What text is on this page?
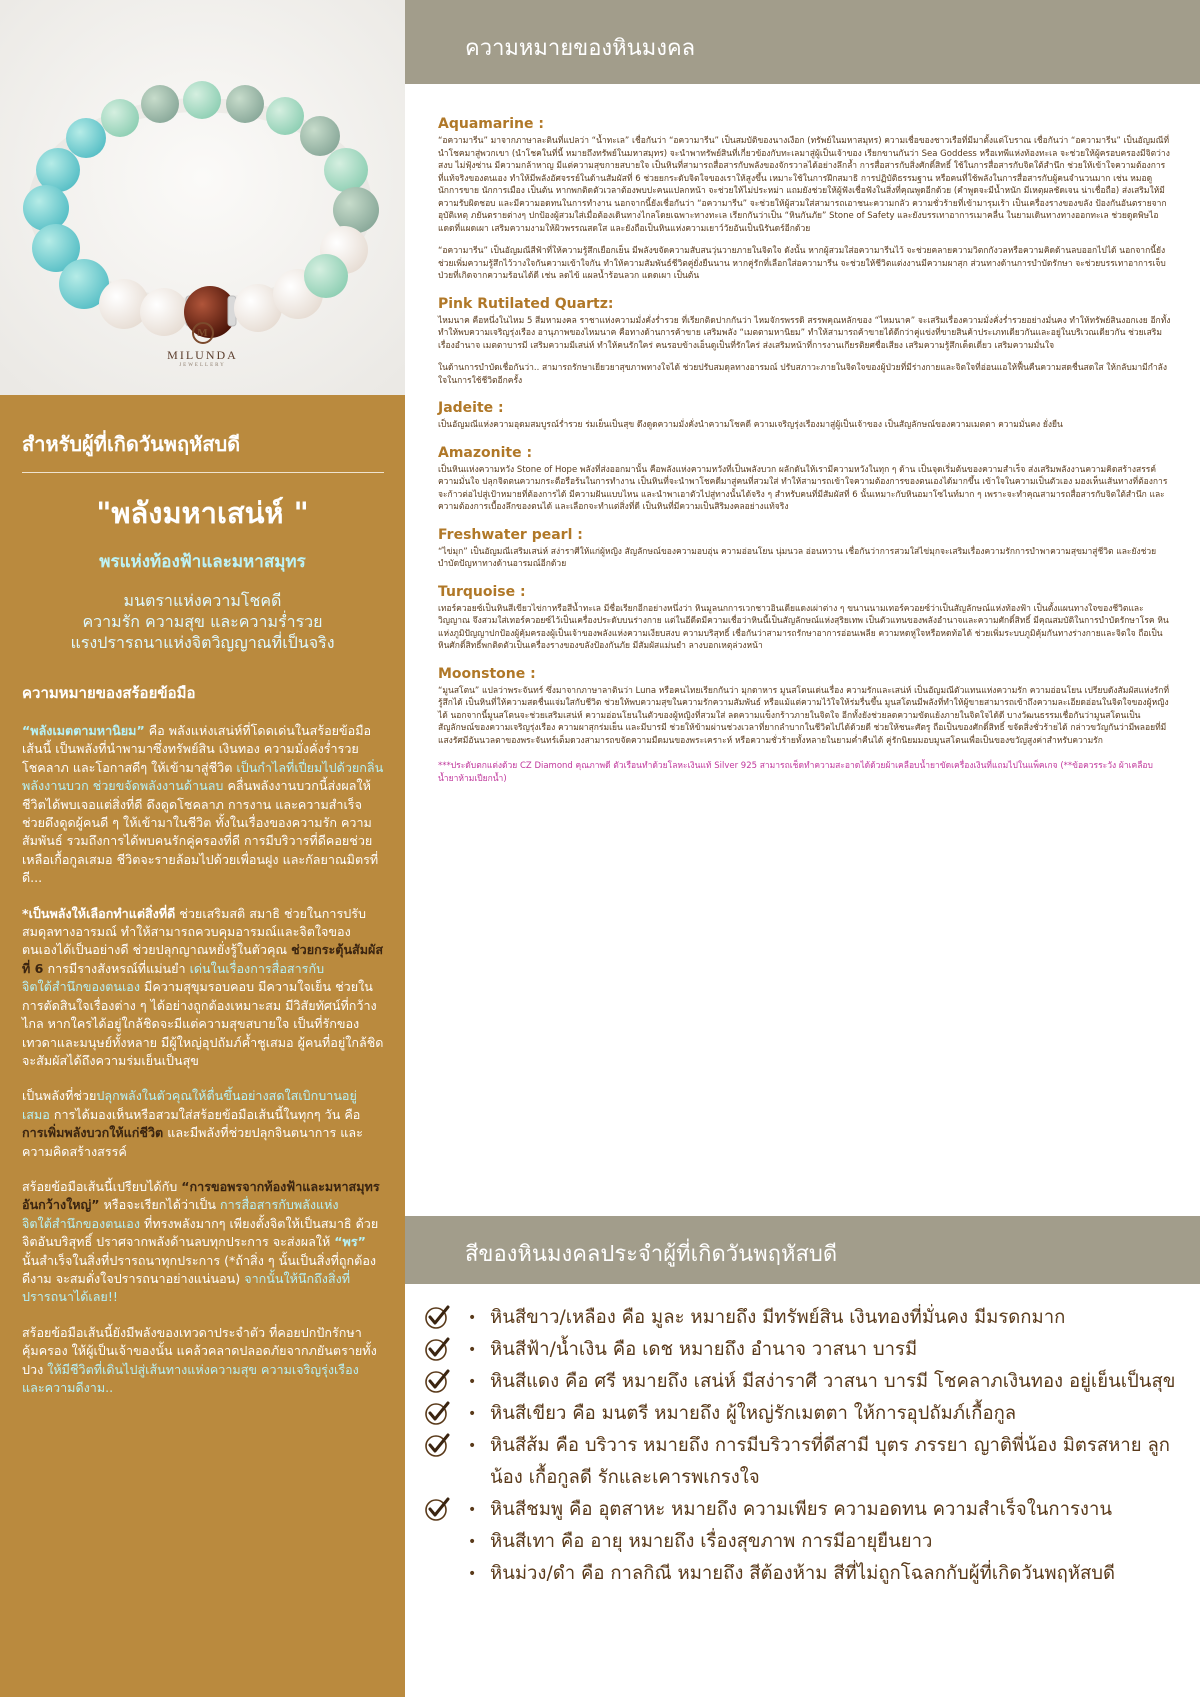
M
MILUNDA
JEWELLERY
สำหรับผู้ที่เกิดวันพฤหัสบดี
"พลังมหาเสน่ห์ "
พรแห่งท้องฟ้าและมหาสมุทร
มนตราแห่งความโชคดี
ความรัก ความสุข และความร่ำรวย
แรงปรารถนาแห่งจิตวิญญาณที่เป็นจริง
ความหมายของสร้อยข้อมือ

“พลังเมตตามหานิยม” คือ พลังแห่งเสน่ห์ที่โดดเด่นในสร้อยข้อมือเส้นนี้ เป็นพลังที่นำพามาซึ่งทรัพย์สิน เงินทอง ความมั่งคั่งร่ำรวย โชคลาภ และโอกาสดีๆ ให้เข้ามาสู่ชีวิต เป็นกำไลที่เปี่ยมไปด้วยกลิ่นพลังงานบวก ช่วยขจัดพลังงานด้านลบ คลื่นพลังงานบวกนี้ส่งผลให้ชีวิตได้พบเจอแต่สิ่งที่ดี ดึงดูดโชคลาภ การงาน และความสำเร็จ ช่วยดึงดูดผู้คนดี ๆ ให้เข้ามาในชีวิต ทั้งในเรื่องของความรัก ความสัมพันธ์ รวมถึงการได้พบคนรักคู่ครองที่ดี การมีบริวารที่ดีคอยช่วยเหลือเกื้อกูลเสมอ ชีวิตจะรายล้อมไปด้วยเพื่อนฝูง และกัลยาณมิตรที่ดี...

*เป็นพลังให้เลือกทำแต่สิ่งที่ดี ช่วยเสริมสติ สมาธิ ช่วยในการปรับสมดุลทางอารมณ์ ทำให้สามารถควบคุมอารมณ์และจิตใจของตนเองได้เป็นอย่างดี ช่วยปลุกญาณหยั่งรู้ในตัวคุณ ช่วยกระตุ้นสัมผัสที่ 6 การมีรางสังหรณ์ที่แม่นยำ เด่นในเรื่องการสื่อสารกับจิตใต้สำนึกของตนเอง มีความสุขุมรอบคอบ มีความใจเย็น ช่วยในการตัดสินใจเรื่องต่าง ๆ ได้อย่างถูกต้องเหมาะสม มีวิสัยทัศน์ที่กว้างไกล หากใครได้อยู่ใกล้ชิดจะมีแต่ความสุขสบายใจ เป็นที่รักของเทวดาและมนุษย์ทั้งหลาย มีผู้ใหญ่อุปถัมภ์ค้ำชูเสมอ ผู้คนที่อยู่ใกล้ชิดจะสัมผัสได้ถึงความร่มเย็นเป็นสุข

เป็นพลังที่ช่วยปลุกพลังในตัวคุณให้ตื่นขึ้นอย่างสดใสเบิกบานอยู่เสมอ การได้มองเห็นหรือสวมใส่สร้อยข้อมือเส้นนี้ในทุกๆ วัน คือ การเพิ่มพลังบวกให้แก่ชีวิต และมีพลังที่ช่วยปลุกจินตนาการ และความคิดสร้างสรรค์

สร้อยข้อมือเส้นนี้เปรียบได้กับ “การขอพรจากท้องฟ้าและมหาสมุทรอันกว้างใหญ่” หรือจะเรียกได้ว่าเป็น การสื่อสารกับพลังแห่งจิตใต้สำนึกของตนเอง ที่ทรงพลังมากๆ เพียงตั้งจิตให้เป็นสมาธิ ด้วยจิตอันบริสุทธิ์ ปราศจากพลังด้านลบทุกประการ จะส่งผลให้ “พร” นั้นสำเร็จในสิ่งที่ปรารถนาทุกประการ (*ถ้าสิ่ง ๆ นั้นเป็นสิ่งที่ถูกต้องดีงาม จะสมดั่งใจปรารถนาอย่างแน่นอน) จากนั้นให้นึกถึงสิ่งที่ปรารถนาได้เลย!!

สร้อยข้อมือเส้นนี้ยังมีพลังของเทวดาประจำตัว ที่คอยปกปักรักษาคุ้มครอง ให้ผู้เป็นเจ้าของนั้น แคล้วคลาดปลอดภัยจากภยันตรายทั้งปวง ให้มีชีวิตที่เดินไปสู่เส้นทางแห่งความสุข ความเจริญรุ่งเรือง และความดีงาม..

ความหมายของหินมงคล
Aquamarine :

“อความารีน” มาจากภาษาละตินที่แปลว่า “น้ำทะเล” เชื่อกันว่า “อความารีน” เป็นสมบัติของนางเงือก (ทรัพย์ในมหาสมุทร) ความเชื่อของชาวเรือที่มีมาตั้งแต่โบราณ เชื่อกันว่า “อความารีน” เป็นอัญมณีที่นำโชคมาสู่พวกเขา (นำโชคในที่นี้ หมายถึงทรัพย์ในมหาสมุทร) จะนำพาทรัพย์สินที่เกี่ยวข้องกับทะเลมาสู่ผู้เป็นเจ้าของ เรียกขานกันว่า Sea Goddess หรือเทพีแห่งท้องทะเล จะช่วยให้ผู้ครอบครองมีจิตว่างสงบ ไม่ฟุ้งซ่าน มีความกล้าหาญ มีแต่ความสุขกายสบายใจ เป็นหินที่สามารถสื่อสารกับพลังของจักรวาลได้อย่างลึกล้ำ การสื่อสารกับสิ่งศักดิ์สิทธิ์ ใช้ในการสื่อสารกับจิตใต้สำนึก ช่วยให้เข้าใจความต้องการที่แท้จริงของตนเอง ทำให้มีพลังอัศจรรย์ในด้านสัมผัสที่ 6 ช่วยยกระดับจิตใจของเราให้สูงขึ้น เหมาะใช้ในการฝึกสมาธิ การปฏิบัติธรรมฐาน หรือคนที่ใช้พลังในการสื่อสารกับผู้คนจำนวนมาก เช่น หมอดู นักการขาย นักการเมือง เป็นต้น หากพกติดตัวเวลาต้องพบปะคนแปลกหน้า จะช่วยให้ไม่ประหม่า แถมยังช่วยให้ผู้ฟังเชื่อฟังในสิ่งที่คุณพูดอีกด้วย (คำพูดจะมีน้ำหนัก มีเหตุผลชัดเจน น่าเชื่อถือ) ส่งเสริมให้มีความรับผิดชอบ และมีความอดทนในการทำงาน นอกจากนี้ยังเชื่อกันว่า “อความารีน” จะช่วยให้ผู้สวมใส่สามารถเอาชนะความกลัว ความชั่วร้ายที่เข้ามารุมเร้า เป็นเครื่องรางของขลัง ป้องกันอันตรายจากอุบัติเหตุ ภยันตรายต่างๆ ปกป้องผู้สวมใส่เมื่อต้องเดินทางไกลโดยเฉพาะทางทะเล เรียกกันว่าเป็น “หินกันภัย” Stone of Safety และยังบรรเทาอาการเมาคลื่น ในยามเดินทางทางออกทะเล ช่วยดูดพิษไอแดดที่แผดเผา เสริมความงามให้ผิวพรรณสดใส และยังถือเป็นหินแห่งความเยาว์วัยอันเป็นนิรันดร์อีกด้วย

“อความารีน” เป็นอัญมณีสีฟ้าที่ให้ความรู้สึกเยือกเย็น มีพลังขจัดความสับสนวุ่นวายภายในจิตใจ ดังนั้น หากผู้สวมใส่อความารีนไว้ จะช่วยคลายความวิตกกังวลหรือความคิดด้านลบออกไปได้ นอกจากนี้ยังช่วยเพิ่มความรู้สึกไว้วางใจกันความเข้าใจกัน ทำให้ความสัมพันธ์ชีวิตคู่ยั่งยืนนาน หากคู่รักที่เลือกใส่อความารีน จะช่วยให้ชีวิตแต่งงานมีความผาสุก ส่วนทางด้านการบำบัดรักษา จะช่วยบรรเทาอาการเจ็บป่วยที่เกิดจากความร้อนได้ดี เช่น ลดไข้ แผลน้ำร้อนลวก แดดเผา เป็นต้น

Pink Rutilated Quartz:

ไหมนาค คือหนึ่งในไหม 5 สีมหามงคล ราชาแห่งความมั่งคั่งร่ำรวย ที่เรียกติดปากกันว่า ไหมจักรพรรดิ สรรพคุณหลักของ “ไหมนาค” จะเสริมเรื่องความมั่งคั่งร่ำรวยอย่างมั่นคง ทำให้ทรัพย์สินงอกเงย อีกทั้งทำให้พบความเจริญรุ่งเรือง อานุภาพของไหมนาค คือทางด้านการค้าขาย เสริมพลัง “เมตตามหานิยม” ทำให้สามารถค้าขายได้ดีกว่าคู่แข่งที่ขายสินค้าประเภทเดียวกันและอยู่ในบริเวณเดียวกัน ช่วยเสริมเรื่องอำนาจ เมตตาบารมี เสริมความมีเสน่ห์ ทำให้คนรักใคร่ คนรอบข้างเอ็นดูเป็นที่รักใคร่ ส่งเสริมหน้าที่การงานเกียรติยศชื่อเสียง เสริมความรู้สึกเด็ดเดี่ยว เสริมความมั่นใจ

ในด้านการบำบัดเชื่อกันว่า.. สามารถรักษาเยียวยาสุขภาพทางใจได้ ช่วยปรับสมดุลทางอารมณ์ ปรับสภาวะภายในจิตใจของผู้ป่วยที่มีร่างกายและจิตใจที่อ่อนแอให้ฟื้นคืนความสดชื่นสดใส ให้กลับมามีกำลังใจในการใช้ชีวิตอีกครั้ง

Jadeite :

เป็นอัญมณีแห่งความอุดมสมบูรณ์ร่ำรวย ร่มเย็นเป็นสุข ดึงดูดความมั่งคั่งนำความโชคดี ความเจริญรุ่งเรืองมาสู่ผู้เป็นเจ้าของ เป็นสัญลักษณ์ของความเมตตา ความมั่นคง ยั่งยืน

Amazonite :

เป็นหินแห่งความหวัง Stone of Hope พลังที่ส่งออกมานั้น คือพลังแห่งความหวังที่เป็นพลังบวก ผลักดันให้เรามีความหวังในทุก ๆ ด้าน เป็นจุดเริ่มต้นของความสำเร็จ ส่งเสริมพลังงานความคิดสร้างสรรค์ ความมั่นใจ ปลุกจิตตนความกระตือรือร้นในการทำงาน เป็นหินที่จะนำพาโชคดีมาสู่คนที่สวมใส่ ทำให้สามารถเข้าใจความต้องการของตนเองได้มากขึ้น เข้าใจในความเป็นตัวเอง มองเห็นเส้นทางที่ต้องการจะก้าวต่อไปสู่เป้าหมายที่ต้องการได้ มีความฝันแบบไหน และนำพาเอาตัวไปสู่ทางนั้นได้จริง ๆ สำหรับคนที่มีสัมผัสที่ 6 นั้นเหมาะกับหินอมาโซไนท์มาก ๆ เพราะจะทำคุณสามารถสื่อสารกับจิตใต้สำนึก และความต้องการเบื้องลึกของตนได้ และเลือกจะทำแต่สิ่งที่ดี เป็นหินที่มีความเป็นสิริมงคลอย่างแท้จริง

Freshwater pearl :

“ไข่มุก” เป็นอัญมณีเสริมเสน่ห์ สง่าราศีให้แก่ผู้หญิง สัญลักษณ์ของความอบอุ่น ความอ่อนโยน นุ่มนวล อ่อนหวาน เชื่อกันว่าการสวมใส่ไข่มุกจะเสริมเรื่องความรักการบำพาความสุขมาสู่ชีวิต และยังช่วยบำบัดปัญหาทางด้านอารมณ์อีกด้วย

Turquoise :

เทอร์ควอยซ์เป็นหินสีเขียวไข่กาหรือสีน้ำทะเล มีชื่อเรียกอีกอย่างหนึ่งว่า หินมูลนกการเวกชาวอินเดียแดงเผ่าต่าง ๆ ขนานนามเทอร์ควอยซ์ว่าเป็นสัญลักษณ์แห่งท้องฟ้า เป็นตั้งแผนทางใจของชีวิตและวิญญาณ จึงสวมใส่เทอร์ควอยซ์ไว้เป็นเครื่องประดับบนร่างกาย แต่ในอีดีตมีความเชื่อว่าหินนี้เป็นสัญลักษณ์แห่งสุริยเทพ เป็นตัวแทนของพลังอำนาจและความศักดิ์สิทธิ์ มีคุณสมบัติในการบำบัดรักษาโรค หินแห่งภูมิปัญญาปกป้องผู้คุ้มครองผู้เป็นเจ้าของพลังแห่งความเงียบสงบ ความบริสุทธิ์ เชื่อกันว่าสามารถรักษาอาการอ่อนเพลีย ความหดหู่ใจหรือหดท้อได้ ช่วยเพิ่มระบบภูมิคุ้มกันทางร่างกายและจิตใจ ถือเป็นหินศักดิ์สิทธิ์พกติดตัวเป็นเครื่องรางของขลังป้องกันภัย มีสัมผัสแม่นยำ ลางบอกเหตุล่วงหน้า

Moonstone :

“มูนสโตน” แปลว่าพระจันทร์ ซึ่งมาจากภาษาลาตินว่า Luna หรือคนไทยเรียกกันว่า มุกดาหาร มูนสโตนเด่นเรื่อง ความรักและเสน่ห์ เป็นอัญมณีตัวแทนแห่งความรัก ความอ่อนโยน เปรียบดังสัมผัสแห่งรักที่รู้สึกได้ เป็นหินที่ให้ความสดชื่นแจ่มใสกับชีวิต ช่วยให้พบความสุขในความรักความสัมพันธ์ หรือแม้แต่ความไว้ใจให้ร่มรื่นขึ้น มูนสโตนมีพลังที่ทำให้ผู้ขายสามารถเข้าถึงความละเอียดอ่อนในจิตใจของผู้หญิงได้ นอกจากนี้มูนสโตนจะช่วยเสริมเสน่ห์ ความอ่อนโยนในตัวของผู้หญิงที่สวมใส่ ลดความแข็งกร้าวภายในจิตใจ อีกทั้งยังช่วยลดความขัดแย้งภายในจิตใจได้ดี บางวัฒนธรรมเชื่อกันว่ามูนสโตนเป็นสัญลักษณ์ของความเจริญรุ่งเรือง ความผาสุกร่มเย็น และมีบารมี ช่วยให้ข้ามผ่านช่วงเวลาที่ยากลำบากในชีวิตไปได้ด้วยดี ช่วยให้ชนะศัตรู ถือเป็นของศักดิ์สิทธิ์ ขจัดสิ่งชั่วร้ายได้ กล่าวขวัญกันว่ามีพลอยที่มีแสงรัศมีอันนวลตาของพระจันทร์เต็มดวงสามารถขจัดความมืดมนของพระเคราะห์ หรือความชั่วร้ายทั้งหลายในยามค่ำคืนได้ คู่รักนิยมมอบมูนสโตนเพื่อเป็นของขวัญสูงค่าสำหรับความรัก

***ประดับตกแต่งด้วย CZ Diamond คุณภาพดี ตัวเรือนทำด้วยโลหะเงินแท้ Silver 925 สามารถเช็ดทำความสะอาดได้ด้วยผ้าเคลือบน้ำยาขัดเครื่องเงินที่แถมไปในแพ็คเกจ (**ข้อควรระวัง ผ้าเคลือบน้ำยาห้ามเปียกน้ำ)
สีของหินมงคลประจำผู้ที่เกิดวันพฤหัสบดี
• หินสีขาว/เหลือง คือ มูละ หมายถึง มีทรัพย์สิน เงินทองที่มั่นคง มีมรดกมาก
• หินสีฟ้า/น้ำเงิน คือ เดช หมายถึง อำนาจ วาสนา บารมี
• หินสีแดง คือ ศรี หมายถึง เสน่ห์ มีสง่าราศี วาสนา บารมี โชคลาภเงินทอง อยู่เย็นเป็นสุข
• หินสีเขียว คือ มนตรี หมายถึง ผู้ใหญ่รักเมตตา ให้การอุปถัมภ์เกื้อกูล
• หินสีส้ม คือ บริวาร หมายถึง การมีบริวารที่ดีสามี บุตร ภรรยา ญาติพี่น้อง มิตรสหาย ลูกน้อง เกื้อกูลดี รักและเคารพเกรงใจ
• หินสีชมพู คือ อุตสาหะ หมายถึง ความเพียร ความอดทน ความสำเร็จในการงาน
• หินสีเทา คือ อายุ หมายถึง เรื่องสุขภาพ การมีอายุยืนยาว
• หินม่วง/ดำ คือ กาลกิณี หมายถึง สีต้องห้าม สีที่ไม่ถูกโฉลกกับผู้ที่เกิดวันพฤหัสบดี
